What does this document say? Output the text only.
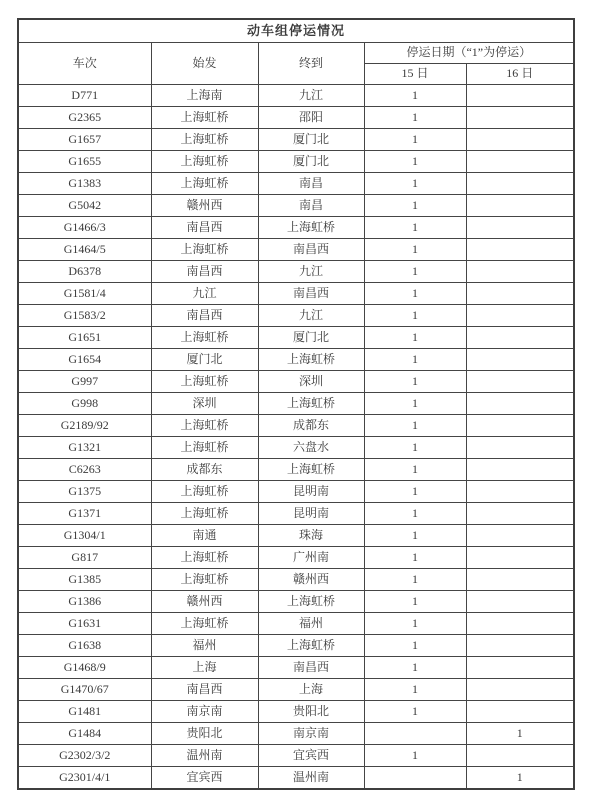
动车组停运情况				
车次	始发	终到	停运日期（“1”为停运）	
			15 日	16 日
D771	上海南	九江	1	
G2365	上海虹桥	邵阳	1	
G1657	上海虹桥	厦门北	1	
G1655	上海虹桥	厦门北	1	
G1383	上海虹桥	南昌	1	
G5042	赣州西	南昌	1	
G1466/3	南昌西	上海虹桥	1	
G1464/5	上海虹桥	南昌西	1	
D6378	南昌西	九江	1	
G1581/4	九江	南昌西	1	
G1583/2	南昌西	九江	1	
G1651	上海虹桥	厦门北	1	
G1654	厦门北	上海虹桥	1	
G997	上海虹桥	深圳	1	
G998	深圳	上海虹桥	1	
G2189/92	上海虹桥	成都东	1	
G1321	上海虹桥	六盘水	1	
C6263	成都东	上海虹桥	1	
G1375	上海虹桥	昆明南	1	
G1371	上海虹桥	昆明南	1	
G1304/1	南通	珠海	1	
G817	上海虹桥	广州南	1	
G1385	上海虹桥	赣州西	1	
G1386	赣州西	上海虹桥	1	
G1631	上海虹桥	福州	1	
G1638	福州	上海虹桥	1	
G1468/9	上海	南昌西	1	
G1470/67	南昌西	上海	1	
G1481	南京南	贵阳北	1	
G1484	贵阳北	南京南		1
G2302/3/2	温州南	宜宾西	1	
G2301/4/1	宜宾西	温州南		1
